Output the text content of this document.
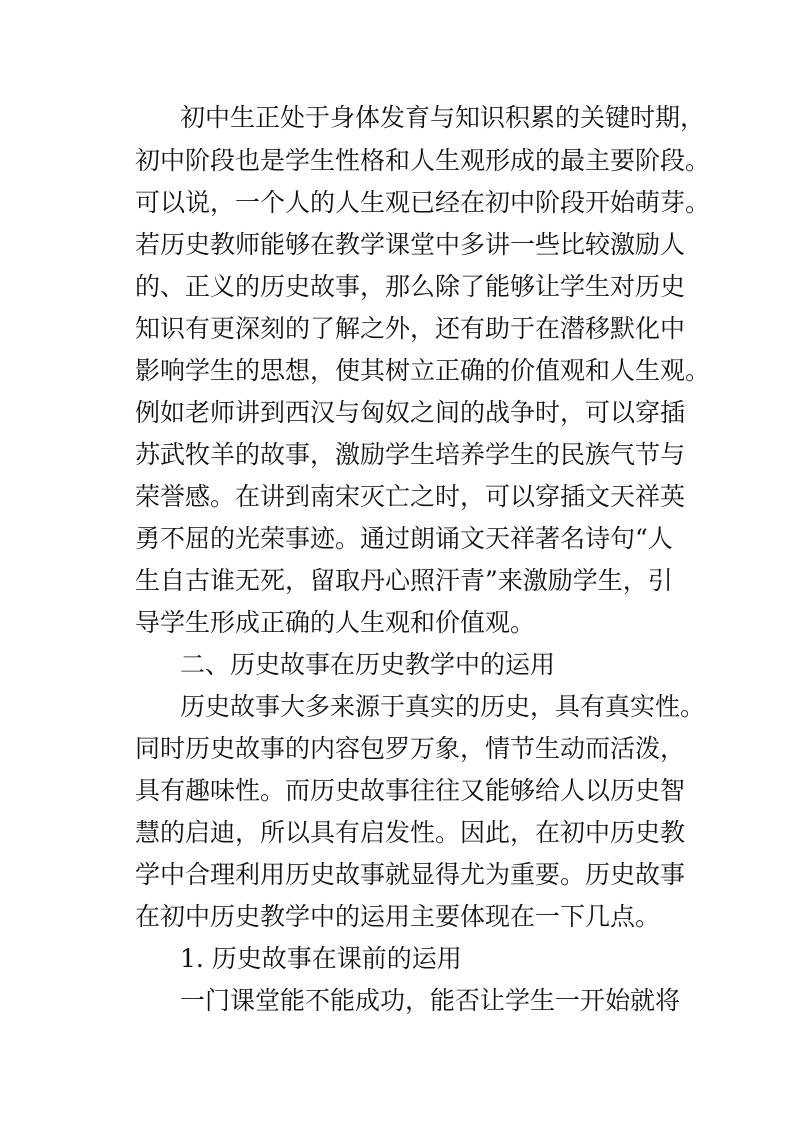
初中生正处于身体发育与知识积累的关键时期，
初中阶段也是学生性格和人生观形成的最主要阶段。
可以说，一个人的人生观已经在初中阶段开始萌芽。
若历史教师能够在教学课堂中多讲一些比较激励人
的、正义的历史故事，那么除了能够让学生对历史
知识有更深刻的了解之外，还有助于在潜移默化中
影响学生的思想，使其树立正确的价值观和人生观。
例如老师讲到西汉与匈奴之间的战争时，可以穿插
苏武牧羊的故事，激励学生培养学生的民族气节与
荣誉感。在讲到南宋灭亡之时，可以穿插文天祥英
勇不屈的光荣事迹。通过朗诵文天祥著名诗句“人
生自古谁无死，留取丹心照汗青”来激励学生，引
导学生形成正确的人生观和价值观。
二、历史故事在历史教学中的运用
历史故事大多来源于真实的历史，具有真实性。
同时历史故事的内容包罗万象，情节生动而活泼，
具有趣味性。而历史故事往往又能够给人以历史智
慧的启迪，所以具有启发性。因此，在初中历史教
学中合理利用历史故事就显得尤为重要。历史故事
在初中历史教学中的运用主要体现在一下几点。
1. 历史故事在课前的运用
一门课堂能不能成功，能否让学生一开始就将
